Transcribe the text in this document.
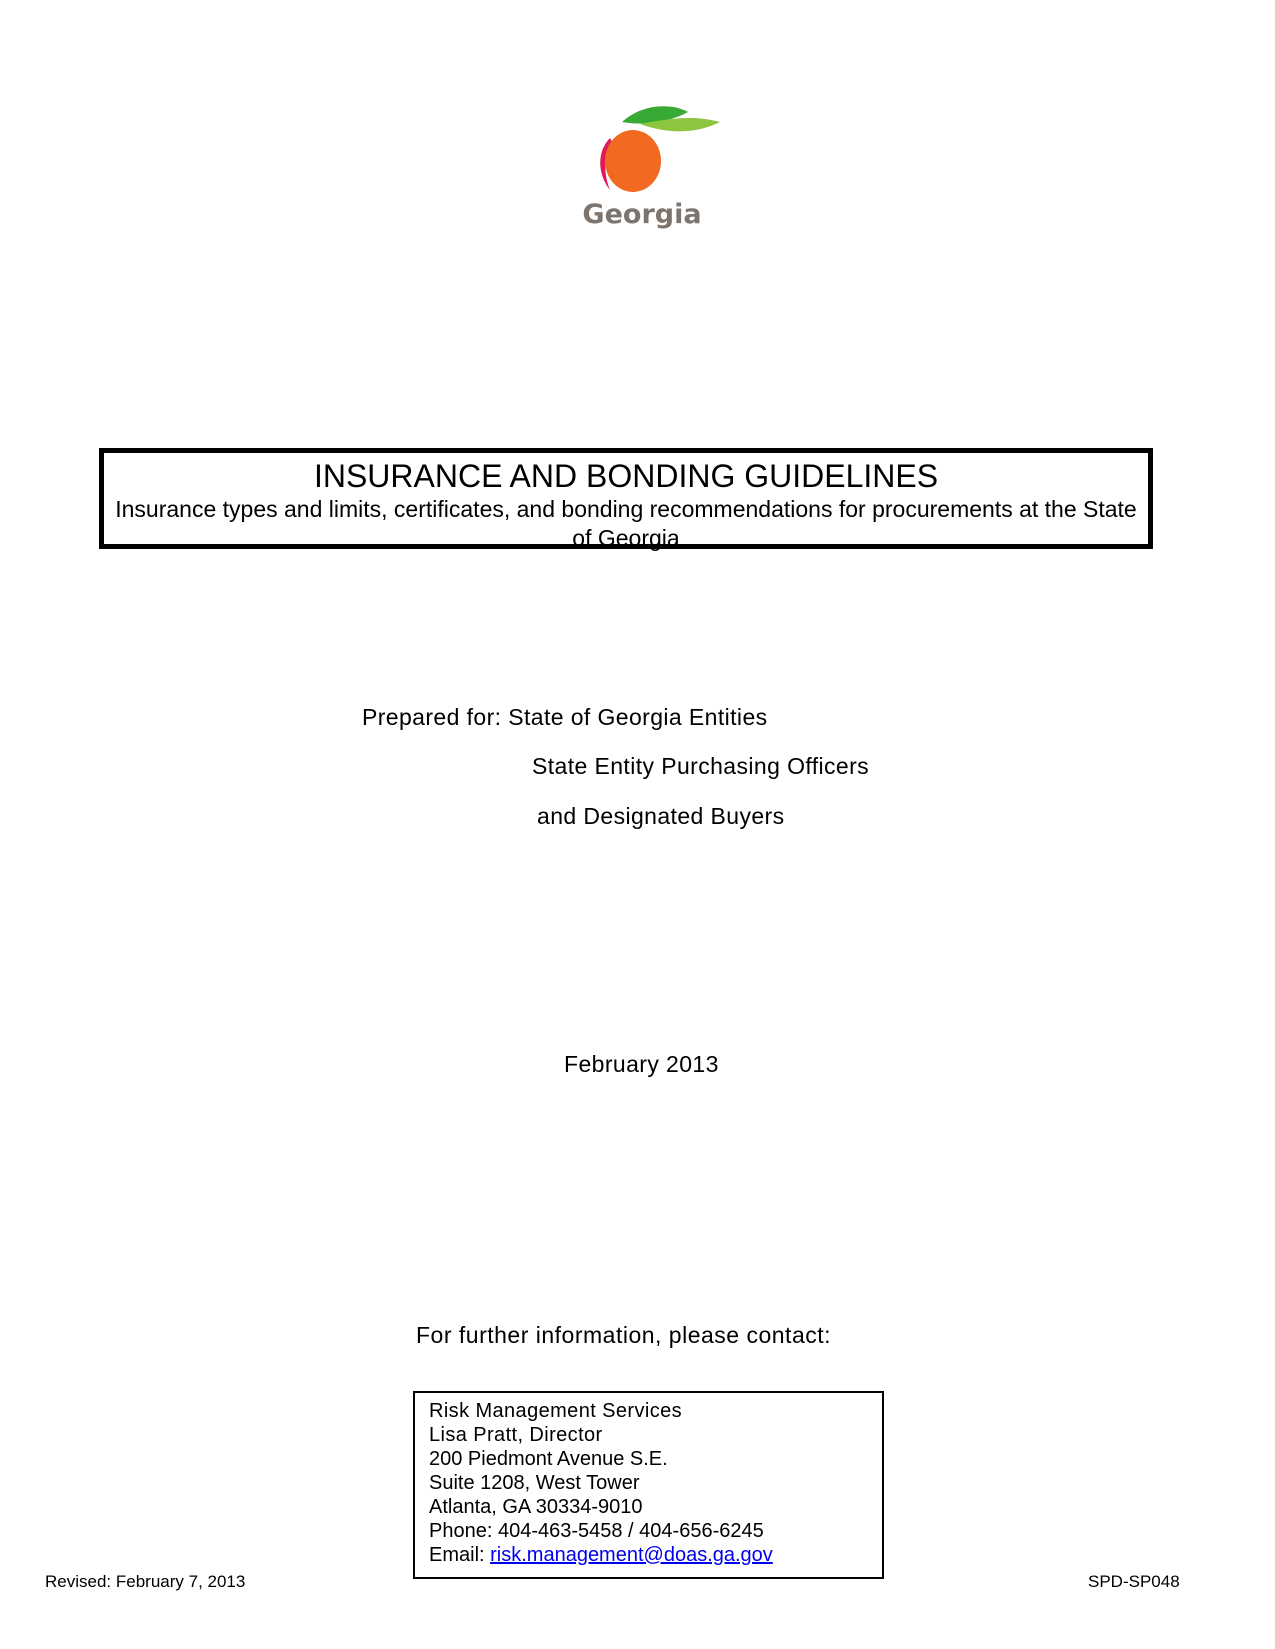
Georgia
INSURANCE AND BONDING GUIDELINES
Insurance types and limits, certificates, and bonding recommendations for procurements at the State of Georgia
Prepared for: State of Georgia Entities
State Entity Purchasing Officers
and Designated Buyers
February 2013
For further information, please contact:
Risk Management Services
Lisa Pratt, Director
200 Piedmont Avenue S.E.
Suite 1208, West Tower
Atlanta, GA 30334-9010
Phone: 404-463-5458 / 404-656-6245
Email: risk.management@doas.ga.gov
Revised: February 7, 2013	SPD-SP048
